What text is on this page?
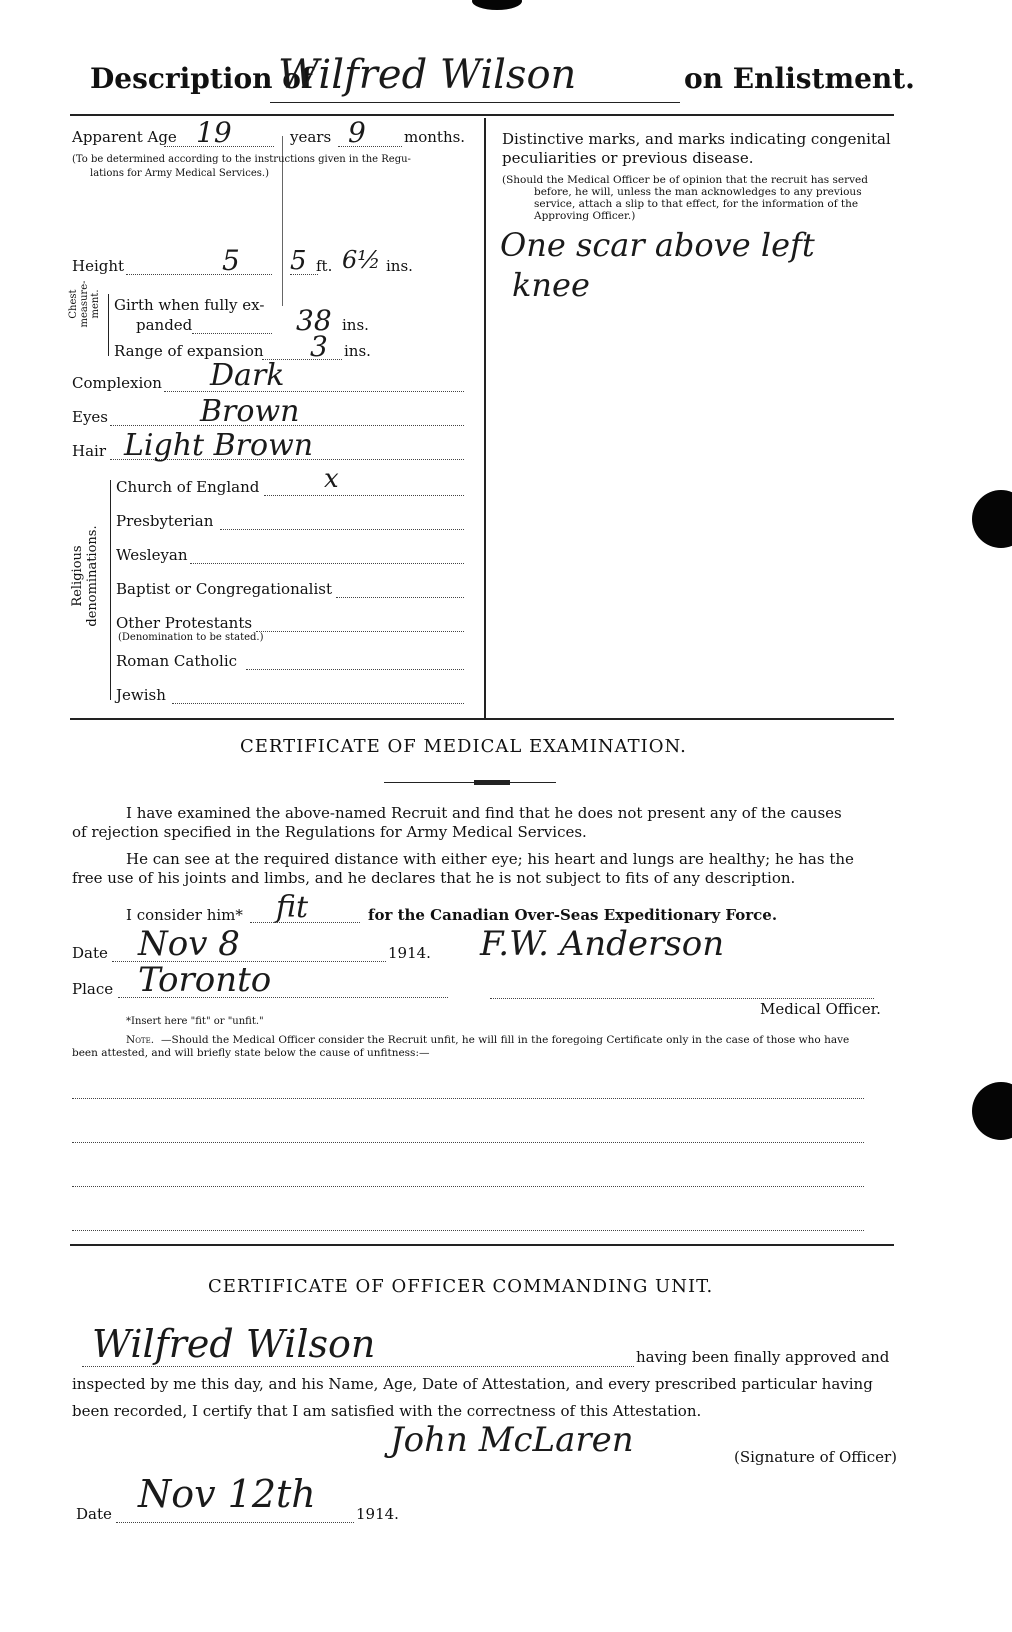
Description of
Wilfred Wilson	on Enlistment.
Apparent Age 19	years 9	months.
(To be determined according to the instructions given in the Regu-
lations for Army Medical Services.)
Height	5 5 ft. 6½ ins.
Chest measure- ment. Girth when fully ex-
panded	38 ins.
Range of expansion 3 ins.
Complexion Dark
Eyes	Brown
Hair Light Brown
Religious denominations.
Church of England x
Presbyterian
Wesleyan
Baptist or Congregationalist
Other Protestants
(Denomination to be stated.)
Roman Catholic
Jewish
Distinctive marks, and marks indicating congenital
peculiarities or previous disease.
(Should the Medical Officer be of opinion that the recruit has served
before, he will, unless the man acknowledges to any previous
service, attach a slip to that effect, for the information of the
Approving Officer.)
One scar above left
knee
CERTIFICATE OF MEDICAL EXAMINATION.
I have examined the above-named Recruit and find that he does not present any of the causes
of rejection specified in the Regulations for Army Medical Services.
He can see at the required distance with either eye; his heart and lungs are healthy; he has the
free use of his joints and limbs, and he declares that he is not subject to fits of any description.
I consider him* fit	for the Canadian Over-Seas Expeditionary Force.
Date Nov 8	1914. F.W. Anderson
Place Toronto
Medical Officer.
*Insert here "fit" or "unfit."
Note. —Should the Medical Officer consider the Recruit unfit, he will fill in the foregoing Certificate only in the case of those who have
been attested, and will briefly state below the cause of unfitness:—
CERTIFICATE OF OFFICER COMMANDING UNIT.
Wilfred Wilson	having been finally approved and
inspected by me this day, and his Name, Age, Date of Attestation, and every prescribed particular having
been recorded, I certify that I am satisfied with the correctness of this Attestation.
John McLaren	(Signature of Officer)
Date Nov 12th	1914.
